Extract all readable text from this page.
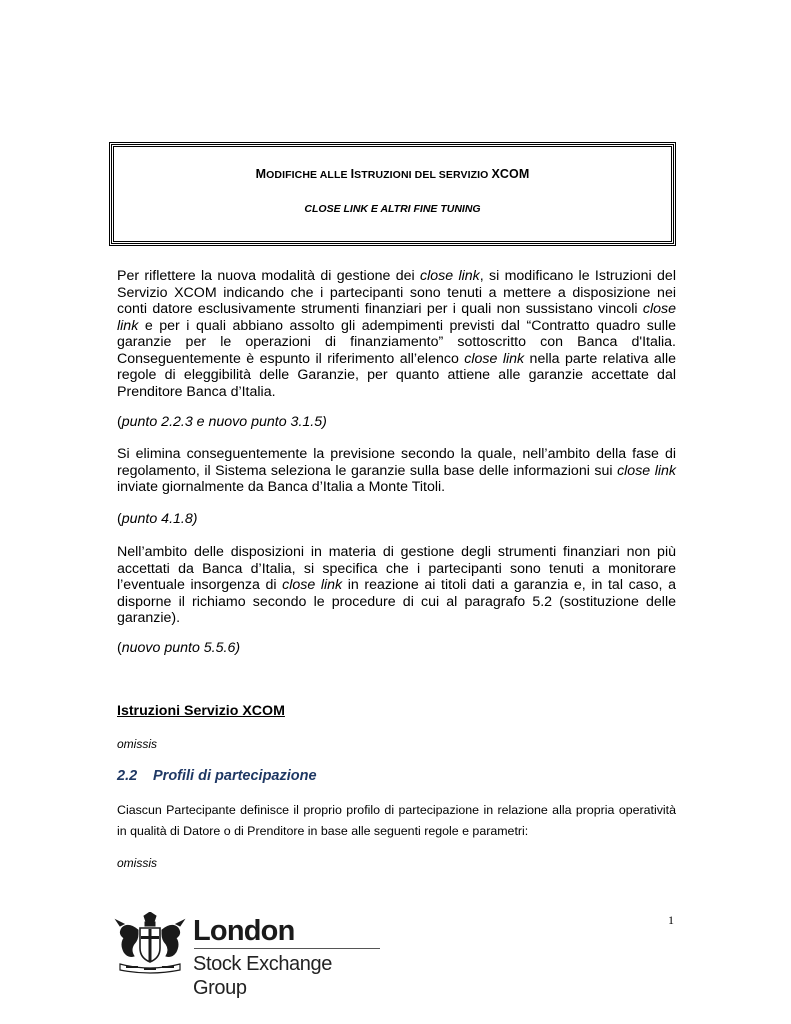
MODIFICHE ALLE ISTRUZIONI DEL SERVIZIO XCOM
CLOSE LINK E ALTRI FINE TUNING
Per riflettere la nuova modalità di gestione dei close link, si modificano le Istruzioni del Servizio XCOM indicando che i partecipanti sono tenuti a mettere a disposizione nei conti datore esclusivamente strumenti finanziari per i quali non sussistano vincoli close link e per i quali abbiano assolto gli adempimenti previsti dal “Contratto quadro sulle garanzie per le operazioni di finanziamento” sottoscritto con Banca d'Italia. Conseguentemente è espunto il riferimento all’elenco close link nella parte relativa alle regole di eleggibilità delle Garanzie, per quanto attiene alle garanzie accettate dal Prenditore Banca d’Italia.
(punto 2.2.3 e nuovo punto 3.1.5)
Si elimina conseguentemente la previsione secondo la quale, nell’ambito della fase di regolamento, il Sistema seleziona le garanzie sulla base delle informazioni sui close link inviate giornalmente da Banca d’Italia a Monte Titoli.
(punto 4.1.8)
Nell’ambito delle disposizioni in materia di gestione degli strumenti finanziari non più accettati da Banca d’Italia, si specifica che i partecipanti sono tenuti a monitorare l’eventuale insorgenza di close link in reazione ai titoli dati a garanzia e, in tal caso, a disporne il richiamo secondo le procedure di cui al paragrafo 5.2 (sostituzione delle garanzie).
(nuovo punto 5.5.6)
Istruzioni Servizio XCOM
omissis
2.2 Profili di partecipazione
Ciascun Partecipante definisce il proprio profilo di partecipazione in relazione alla propria operatività in qualità di Datore o di Prenditore in base alle seguenti regole e parametri:
omissis
1
London
Stock Exchange Group
